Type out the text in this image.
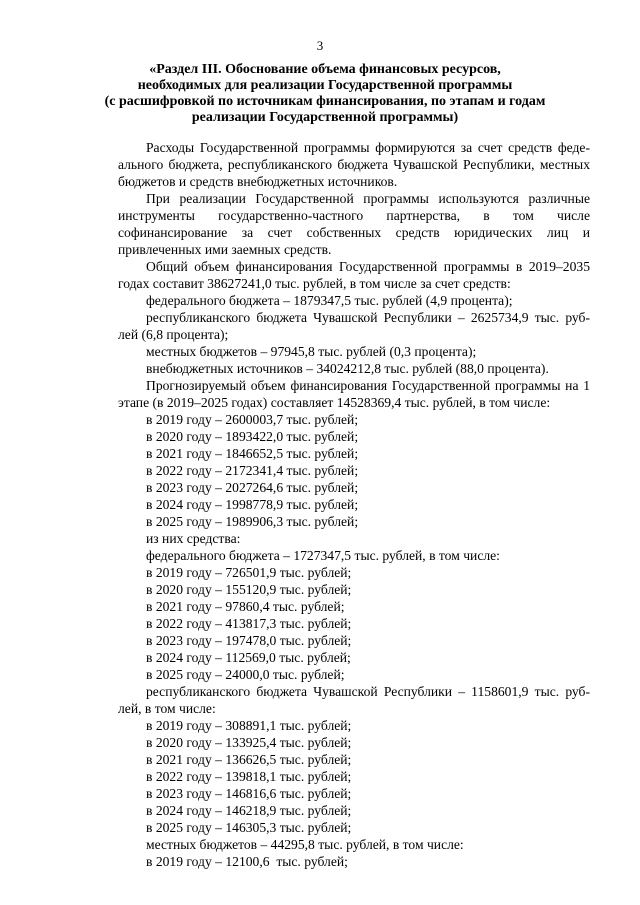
3
«Раздел III. Обоснование объема финансовых ресурсов,
необходимых для реализации Государственной программы
(с расшифровкой по источникам финансирования, по этапам и годам
реализации Государственной программы)

Расходы Государственной программы формируются за счет средств феде-ального бюджета, республиканского бюджета Чувашской Республики, местных бюджетов и средств внебюджетных источников.

При реализации Государственной программы используются различные инструменты государственно-частного партнерства, в том числе софинансирование за счет собственных средств юридических лиц и привлеченных ими заемных средств.

Общий объем финансирования Государственной программы в 2019–2035 годах составит 38627241,0 тыс. рублей, в том числе за счет средств:

федерального бюджета – 1879347,5 тыс. рублей (4,9 процента);

республиканского бюджета Чувашской Республики – 2625734,9 тыс. руб-

лей (6,8 процента);

местных бюджетов – 97945,8 тыс. рублей (0,3 процента);

внебюджетных источников – 34024212,8 тыс. рублей (88,0 процента).

Прогнозируемый объем финансирования Государственной программы на 1 этапе (в 2019–2025 годах) составляет 14528369,4 тыс. рублей, в том числе:

в 2019 году – 2600003,7 тыс. рублей;

в 2020 году – 1893422,0 тыс. рублей;

в 2021 году – 1846652,5 тыс. рублей;

в 2022 году – 2172341,4 тыс. рублей;

в 2023 году – 2027264,6 тыс. рублей;

в 2024 году – 1998778,9 тыс. рублей;

в 2025 году – 1989906,3 тыс. рублей;

из них средства:

федерального бюджета – 1727347,5 тыс. рублей, в том числе:

в 2019 году – 726501,9 тыс. рублей;

в 2020 году – 155120,9 тыс. рублей;

в 2021 году – 97860,4 тыс. рублей;

в 2022 году – 413817,3 тыс. рублей;

в 2023 году – 197478,0 тыс. рублей;

в 2024 году – 112569,0 тыс. рублей;

в 2025 году – 24000,0 тыс. рублей;

республиканского бюджета Чувашской Республики – 1158601,9 тыс. руб-

лей, в том числе:

в 2019 году – 308891,1 тыс. рублей;

в 2020 году – 133925,4 тыс. рублей;

в 2021 году – 136626,5 тыс. рублей;

в 2022 году – 139818,1 тыс. рублей;

в 2023 году – 146816,6 тыс. рублей;

в 2024 году – 146218,9 тыс. рублей;

в 2025 году – 146305,3 тыс. рублей;

местных бюджетов – 44295,8 тыс. рублей, в том числе:

в 2019 году – 12100,6  тыс. рублей;
